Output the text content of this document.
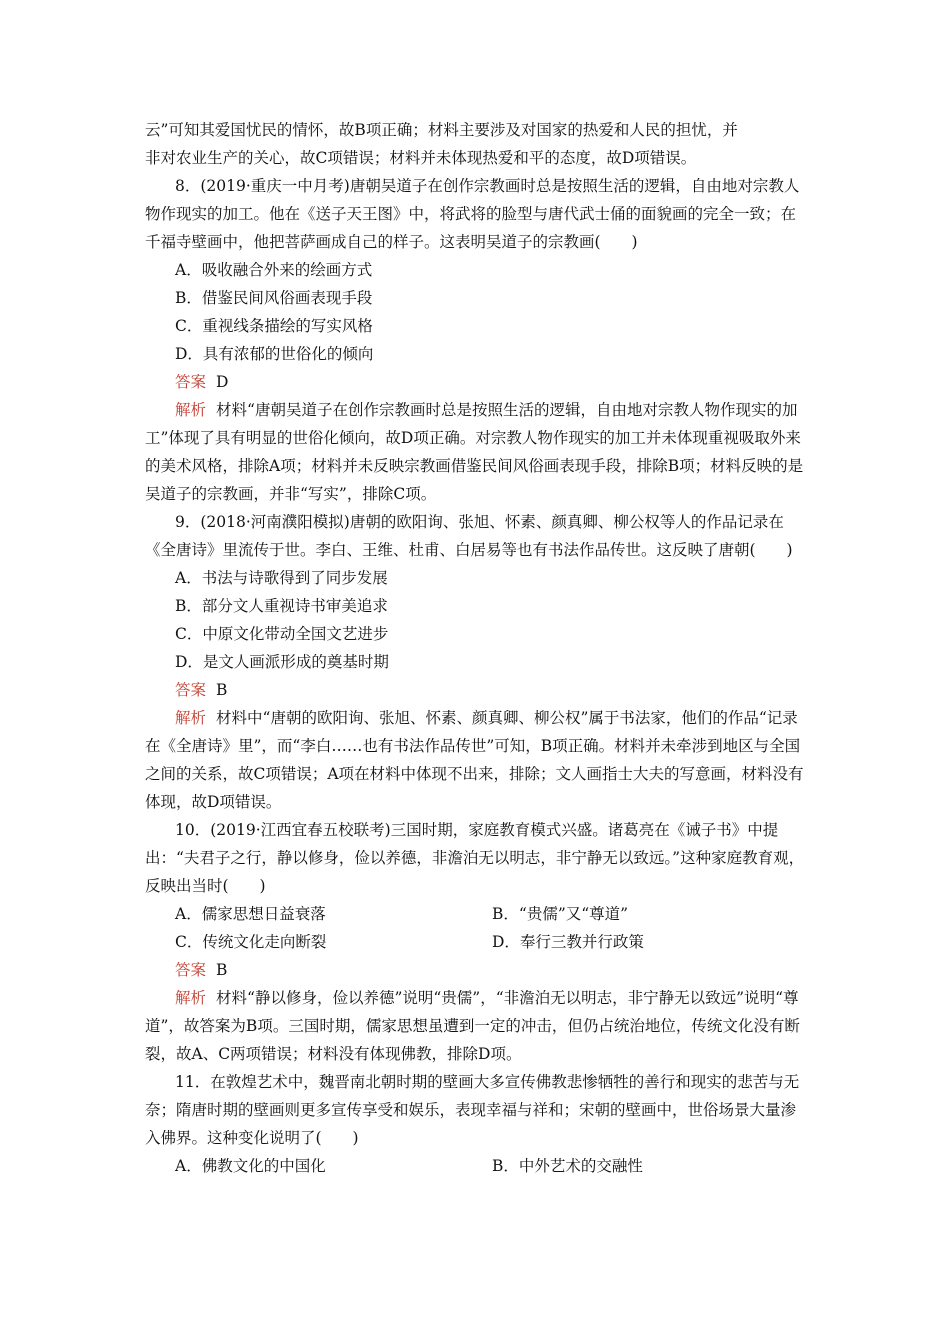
云”可知其爱国忧民的情怀，故B项正确；材料主要涉及对国家的热爱和人民的担忧，并

非对农业生产的关心，故C项错误；材料并未体现热爱和平的态度，故D项错误。

8．(2019·重庆一中月考)唐朝吴道子在创作宗教画时总是按照生活的逻辑，自由地对宗教人物作现实的加工。他在《送子天王图》中，将武将的脸型与唐代武士俑的面貌画的完全一致；在千福寺壁画中，他把菩萨画成自己的样子。这表明吴道子的宗教画(　　)

A．吸收融合外来的绘画方式

B．借鉴民间风俗画表现手段

C．重视线条描绘的写实风格

D．具有浓郁的世俗化的倾向

答案 D

解析 材料“唐朝吴道子在创作宗教画时总是按照生活的逻辑，自由地对宗教人物作现实的加工”体现了具有明显的世俗化倾向，故D项正确。对宗教人物作现实的加工并未体现重视吸取外来的美术风格，排除A项；材料并未反映宗教画借鉴民间风俗画表现手段，排除B项；材料反映的是吴道子的宗教画，并非“写实”，排除C项。

9．(2018·河南濮阳模拟)唐朝的欧阳询、张旭、怀素、颜真卿、柳公权等人的作品记录在《全唐诗》里流传于世。李白、王维、杜甫、白居易等也有书法作品传世。这反映了唐朝(　　)

A．书法与诗歌得到了同步发展

B．部分文人重视诗书审美追求

C．中原文化带动全国文艺进步

D．是文人画派形成的奠基时期

答案 B

解析 材料中“唐朝的欧阳询、张旭、怀素、颜真卿、柳公权”属于书法家，他们的作品“记录在《全唐诗》里”，而“李白……也有书法作品传世”可知，B项正确。材料并未牵涉到地区与全国之间的关系，故C项错误；A项在材料中体现不出来，排除；文人画指士大夫的写意画，材料没有体现，故D项错误。

10．(2019·江西宜春五校联考)三国时期，家庭教育模式兴盛。诸葛亮在《诫子书》中提出：“夫君子之行，静以修身，俭以养德，非澹泊无以明志，非宁静无以致远。”这种家庭教育观，反映出当时(　　)

A．儒家思想日益衰落	B．“贵儒”又“尊道”
C．传统文化走向断裂	D．奉行三教并行政策

答案 B

解析 材料“静以修身，俭以养德”说明“贵儒”，“非澹泊无以明志，非宁静无以致远”说明“尊道”，故答案为B项。三国时期，儒家思想虽遭到一定的冲击，但仍占统治地位，传统文化没有断裂，故A、C两项错误；材料没有体现佛教，排除D项。

11．在敦煌艺术中，魏晋南北朝时期的壁画大多宣传佛教悲惨牺牲的善行和现实的悲苦与无奈；隋唐时期的壁画则更多宣传享受和娱乐，表现幸福与祥和；宋朝的壁画中，世俗场景大量渗入佛界。这种变化说明了(　　)

A．佛教文化的中国化	B．中外艺术的交融性
